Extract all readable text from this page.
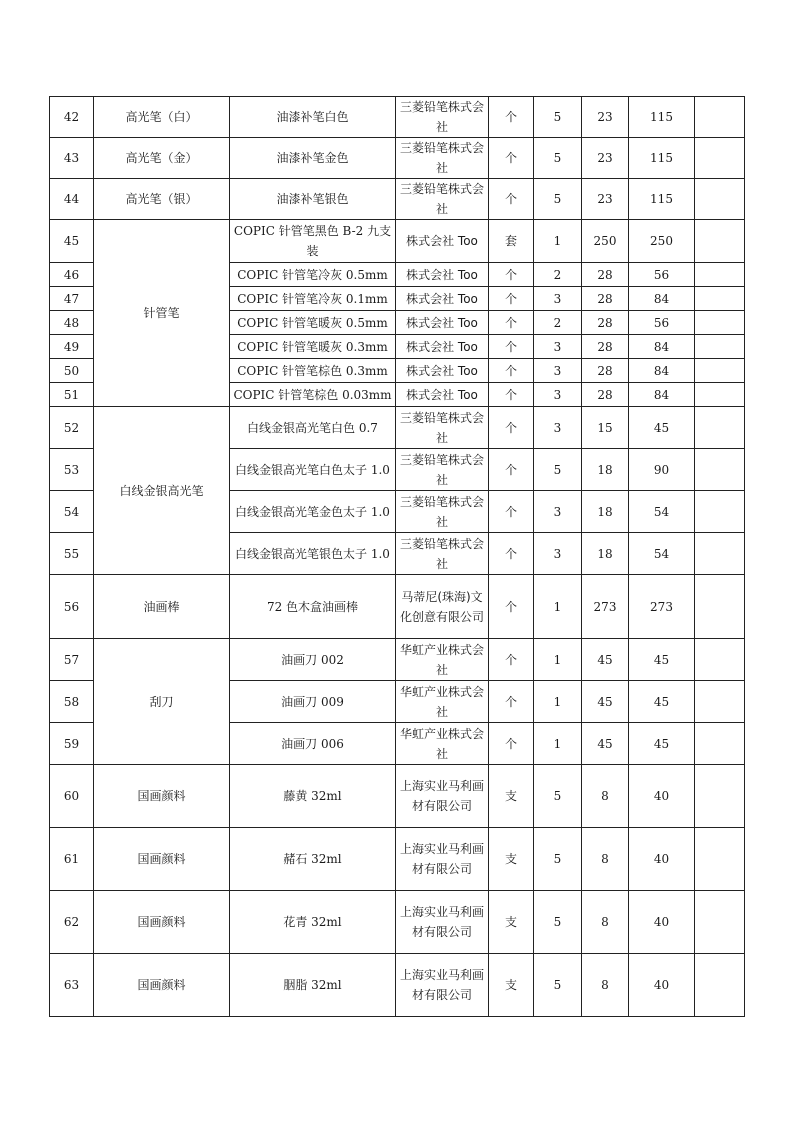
42	高光笔（白）	油漆补笔白色	三菱铅笔株式会社	个	5	23	115	
43	高光笔（金）	油漆补笔金色	三菱铅笔株式会社	个	5	23	115	
44	高光笔（银）	油漆补笔银色	三菱铅笔株式会社	个	5	23	115	
45	针管笔	COPIC 针管笔黑色 B-2 九支装	株式会社 Too	套	1	250	250	
46		COPIC 针管笔冷灰 0.5mm	株式会社 Too	个	2	28	56	
47		COPIC 针管笔冷灰 0.1mm	株式会社 Too	个	3	28	84	
48		COPIC 针管笔暖灰 0.5mm	株式会社 Too	个	2	28	56	
49		COPIC 针管笔暖灰 0.3mm	株式会社 Too	个	3	28	84	
50		COPIC 针管笔棕色 0.3mm	株式会社 Too	个	3	28	84	
51		COPIC 针管笔棕色 0.03mm	株式会社 Too	个	3	28	84	
52	白线金银高光笔	白线金银高光笔白色 0.7	三菱铅笔株式会社	个	3	15	45	
53		白线金银高光笔白色太子 1.0	三菱铅笔株式会社	个	5	18	90	
54		白线金银高光笔金色太子 1.0	三菱铅笔株式会社	个	3	18	54	
55		白线金银高光笔银色太子 1.0	三菱铅笔株式会社	个	3	18	54	
56	油画棒	72 色木盒油画棒	马蒂尼(珠海)文化创意有限公司	个	1	273	273	
57	刮刀	油画刀 002	华虹产业株式会社	个	1	45	45	
58		油画刀 009	华虹产业株式会社	个	1	45	45	
59		油画刀 006	华虹产业株式会社	个	1	45	45	
60	国画颜料	藤黄 32ml	上海实业马利画材有限公司	支	5	8	40	
61	国画颜料	赭石 32ml	上海实业马利画材有限公司	支	5	8	40	
62	国画颜料	花青 32ml	上海实业马利画材有限公司	支	5	8	40	
63	国画颜料	胭脂 32ml	上海实业马利画材有限公司	支	5	8	40	
